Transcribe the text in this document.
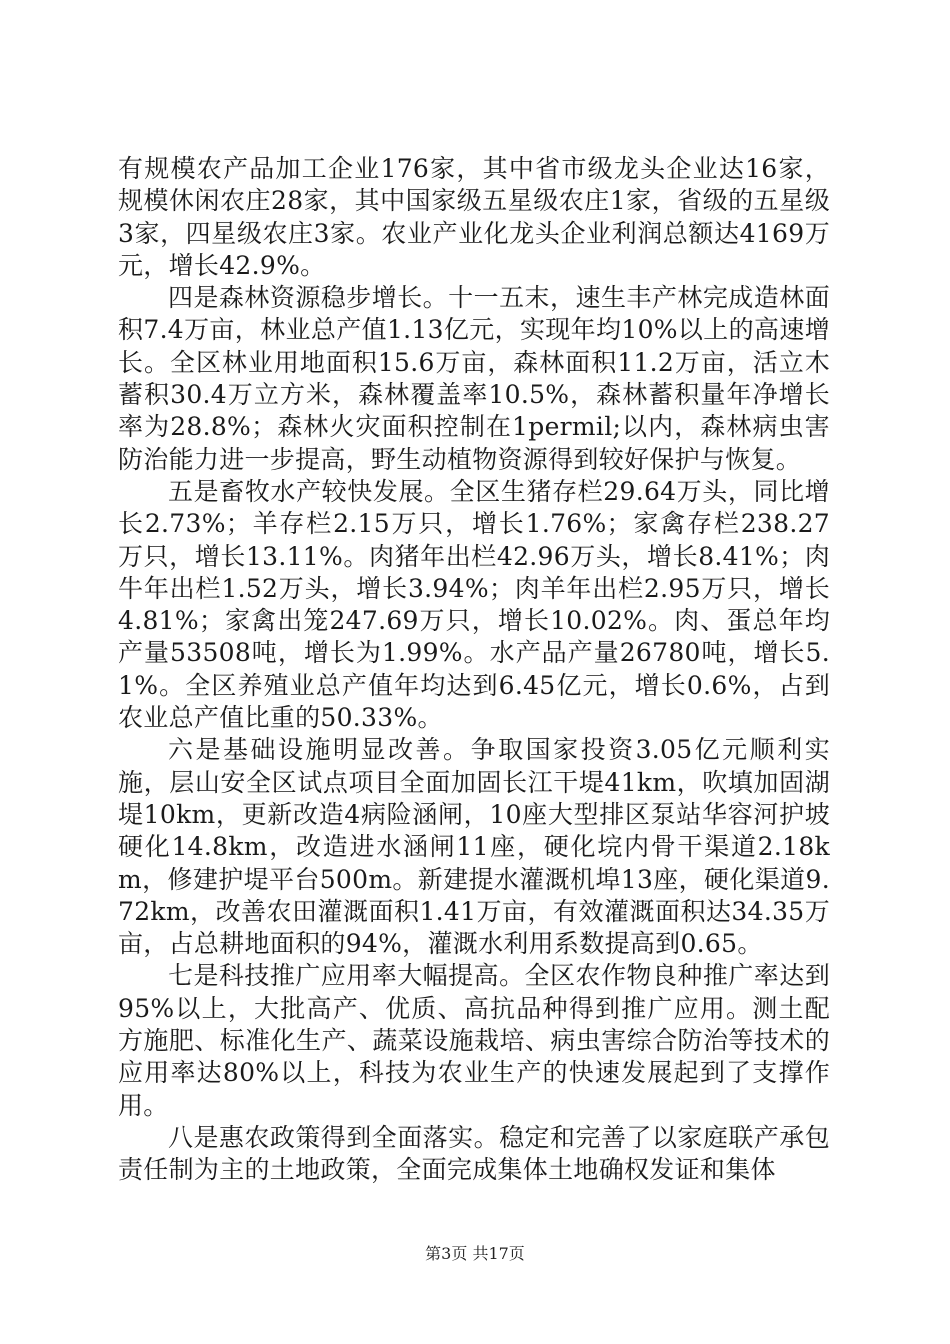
有规模农产品加工企业176家，其中省市级龙头企业达16家，规模休闲农庄28家，其中国家级五星级农庄1家，省级的五星级3家，四星级农庄3家。农业产业化龙头企业利润总额达4169万元，增长42.9%。

四是森林资源稳步增长。十一五末，速生丰产林完成造林面积7.4万亩，林业总产值1.13亿元，实现年均10%以上的高速增长。全区林业用地面积15.6万亩，森林面积11.2万亩，活立木蓄积30.4万立方米，森林覆盖率10.5%，森林蓄积量年净增长率为28.8%；森林火灾面积控制在1permil;以内，森林病虫害防治能力进一步提高，野生动植物资源得到较好保护与恢复。

五是畜牧水产较快发展。全区生猪存栏29.64万头，同比增长2.73%；羊存栏2.15万只，增长1.76%；家禽存栏238.27万只，增长13.11%。肉猪年出栏42.96万头，增长8.41%；肉牛年出栏1.52万头，增长3.94%；肉羊年出栏2.95万只，增长4.81%；家禽出笼247.69万只，增长10.02%。肉、蛋总年均产量53508吨，增长为1.99%。水产品产量26780吨，增长5.1%。全区养殖业总产值年均达到6.45亿元，增长0.6%，占到农业总产值比重的50.33%。

六是基础设施明显改善。争取国家投资3.05亿元顺利实施，层山安全区试点项目全面加固长江干堤41km，吹填加固湖堤10km，更新改造4病险涵闸，10座大型排区泵站华容河护坡硬化14.8km，改造进水涵闸11座，硬化垸内骨干渠道2.18km，修建护堤平台500m。新建提水灌溉机埠13座，硬化渠道9.72km，改善农田灌溉面积1.41万亩，有效灌溉面积达34.35万亩，占总耕地面积的94%，灌溉水利用系数提高到0.65。

七是科技推广应用率大幅提高。全区农作物良种推广率达到95%以上，大批高产、优质、高抗品种得到推广应用。测土配方施肥、标准化生产、蔬菜设施栽培、病虫害综合防治等技术的应用率达80%以上，科技为农业生产的快速发展起到了支撑作用。

八是惠农政策得到全面落实。稳定和完善了以家庭联产承包责任制为主的土地政策，全面完成集体土地确权发证和集体

第3页 共17页
